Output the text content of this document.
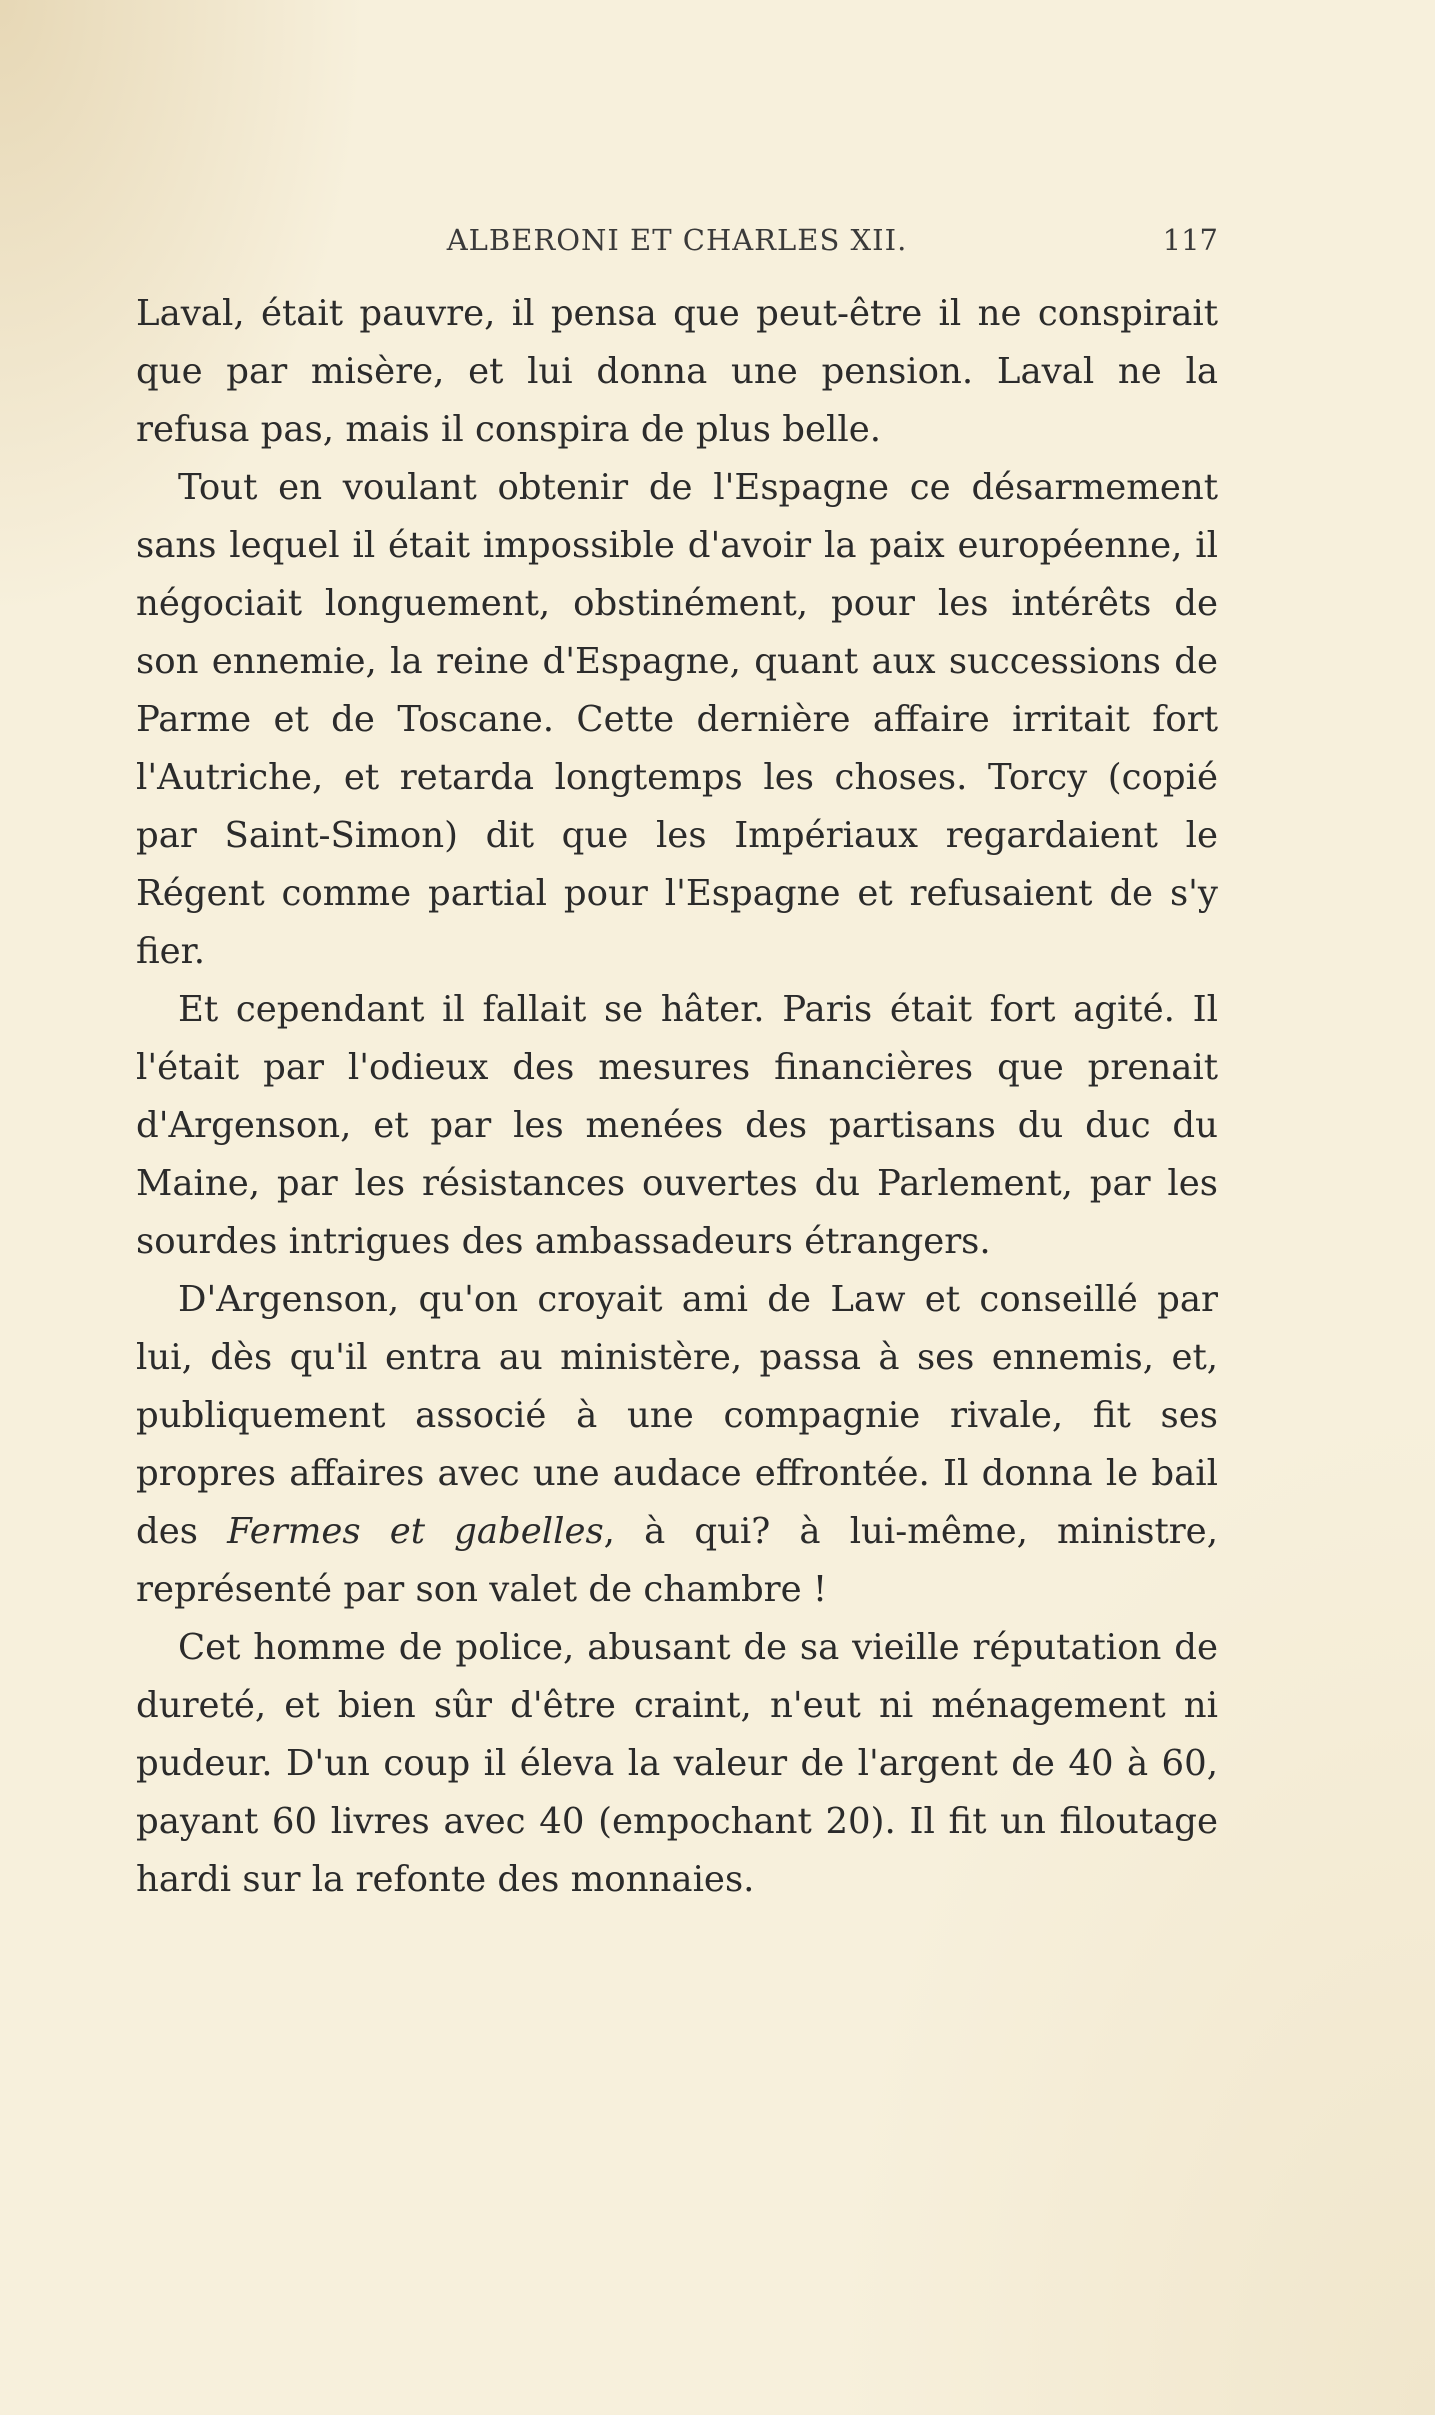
ALBERONI ET CHARLES XII.	117

Laval, était pauvre, il pensa que peut-être il ne conspirait que par misère, et lui donna une pension. Laval ne la refusa pas, mais il conspira de plus belle.

Tout en voulant obtenir de l'Espagne ce désarmement sans lequel il était impossible d'avoir la paix européenne, il négociait longuement, obstinément, pour les intérêts de son ennemie, la reine d'Espagne, quant aux successions de Parme et de Toscane. Cette dernière affaire irritait fort l'Autriche, et retarda longtemps les choses. Torcy (copié par Saint-Simon) dit que les Impériaux regardaient le Régent comme partial pour l'Espagne et refusaient de s'y fier.

Et cependant il fallait se hâter. Paris était fort agité. Il l'était par l'odieux des mesures financières que prenait d'Argenson, et par les menées des partisans du duc du Maine, par les résistances ouvertes du Parlement, par les sourdes intrigues des ambassadeurs étrangers.

D'Argenson, qu'on croyait ami de Law et conseillé par lui, dès qu'il entra au ministère, passa à ses ennemis, et, publiquement associé à une compagnie rivale, fit ses propres affaires avec une audace effrontée. Il donna le bail des Fermes et gabelles, à qui? à lui-même, ministre, représenté par son valet de chambre !

Cet homme de police, abusant de sa vieille réputation de dureté, et bien sûr d'être craint, n'eut ni ménagement ni pudeur. D'un coup il éleva la valeur de l'argent de 40 à 60, payant 60 livres avec 40 (empochant 20). Il fit un filoutage hardi sur la refonte des monnaies.
